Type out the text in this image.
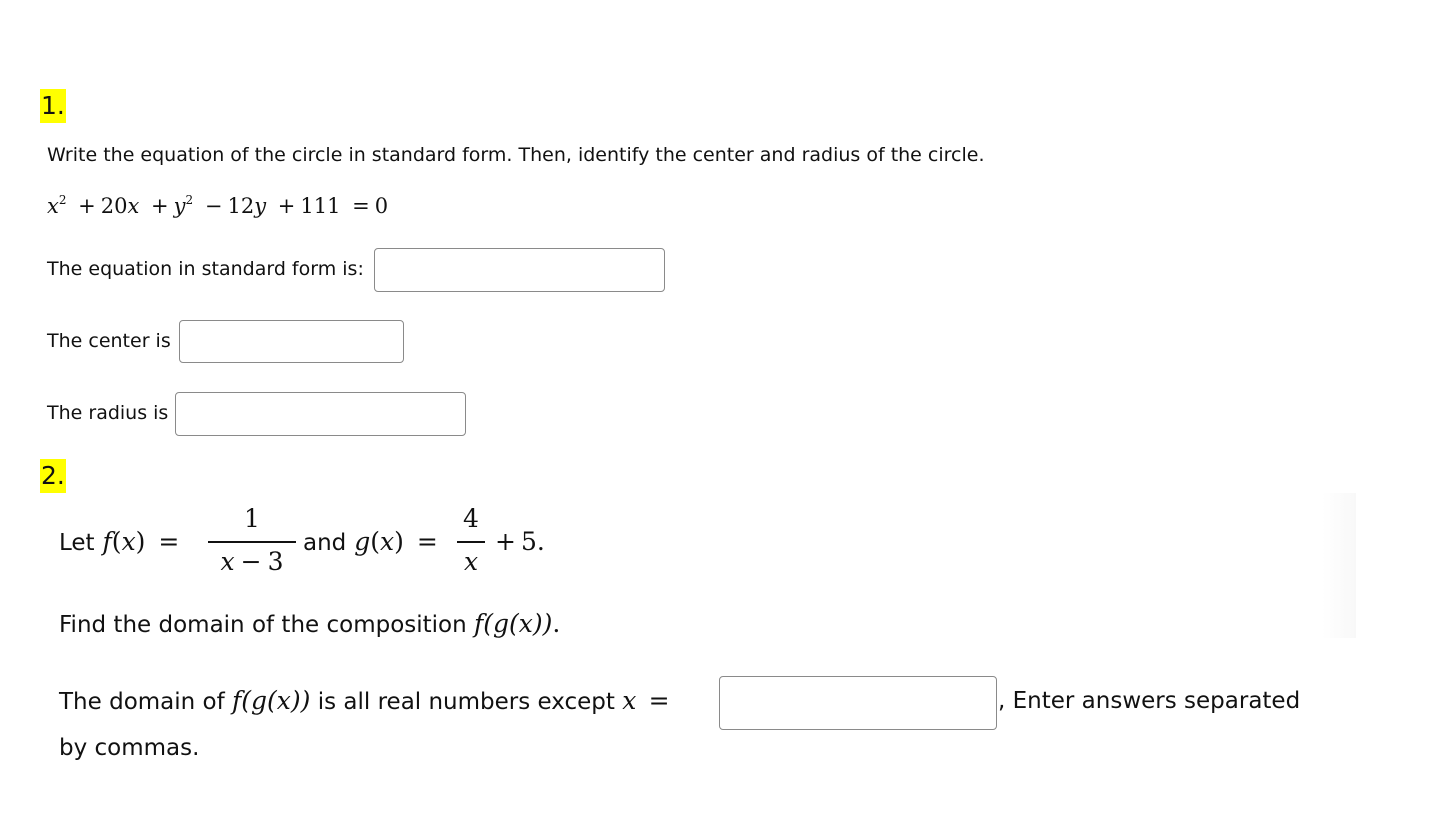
1.
Write the equation of the circle in standard form. Then, identify the center and radius of the circle.
$x^2 + 20x + y^2 - 12y + 111 = 0$
The equation in standard form is:
The center is
The radius is
2.
Let f(x) =
1
x − 3
and g(x) =
4
x
+ 5.
Find the domain of the composition f(g(x)).
The domain of f(g(x)) is all real numbers except x =	, Enter answers separated
by commas.
